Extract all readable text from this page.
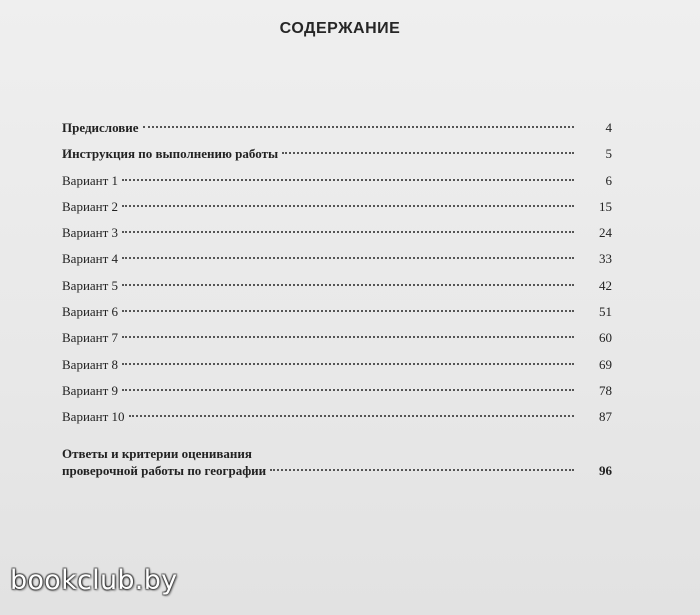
СОДЕРЖАНИЕ
Предисловие	4
Инструкция по выполнению работы	5
Вариант 1	6
Вариант 2	15
Вариант 3	24
Вариант 4	33
Вариант 5	42
Вариант 6	51
Вариант 7	60
Вариант 8	69
Вариант 9	78
Вариант 10	87
Ответы и критерии оценивания
проверочной работы по географии	96
bookclub.by
